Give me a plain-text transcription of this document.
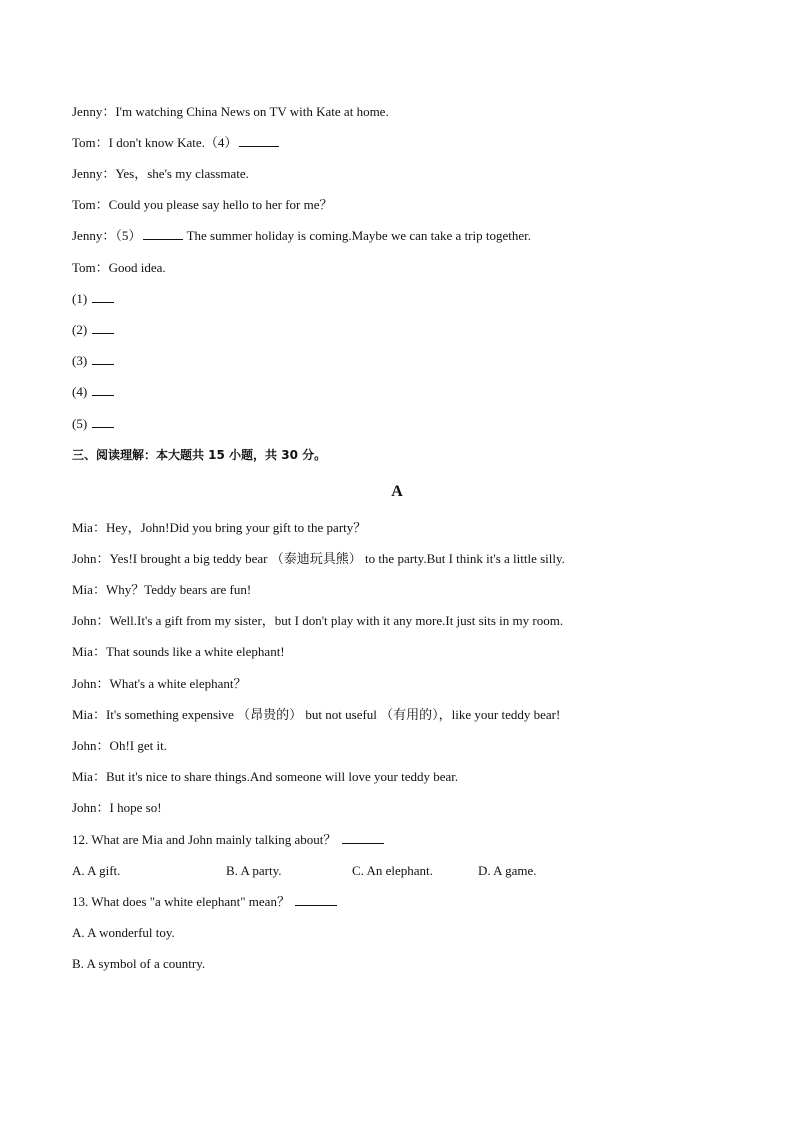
Jenny：I'm watching China News on TV with Kate at home.
Tom：I don't know Kate.（4）
Jenny：Yes，she's my classmate.
Tom：Could you please say hello to her for me？
Jenny：（5）	The summer holiday is coming.Maybe we can take a trip together.
Tom：Good idea.
(1)
(2)
(3)
(4)
(5)
三、阅读理解：本大题共 15 小题，共 30 分。
A
Mia：Hey，John!Did you bring your gift to the party？
John：Yes!I brought a big teddy bear （泰迪玩具熊） to the party.But I think it's a little silly.
Mia：Why？Teddy bears are fun!
John：Well.It's a gift from my sister，but I don't play with it any more.It just sits in my room.
Mia：That sounds like a white elephant!
John：What's a white elephant？
Mia：It's something expensive （昂贵的） but not useful （有用的），like your teddy bear!
John：Oh!I get it.
Mia：But it's nice to share things.And someone will love your teddy bear.
John：I hope so!
12. What are Mia and John mainly talking about？
A. A gift.	B. A party.	C. An elephant.	D. A game.
13. What does "a white elephant" mean？
A. A wonderful toy.
B. A symbol of a country.
